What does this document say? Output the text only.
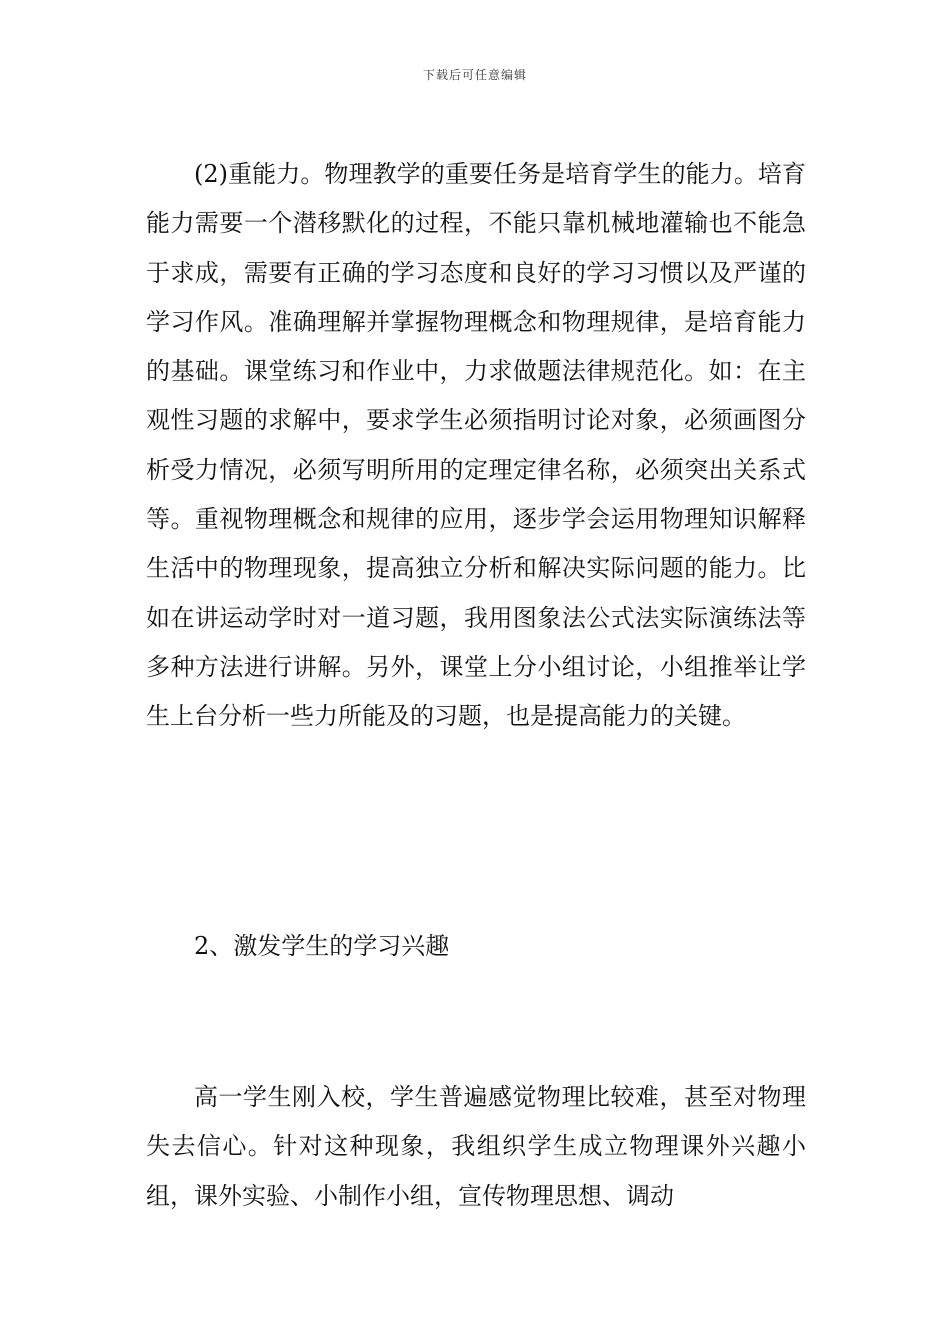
下载后可任意编辑

(2)重能力。物理教学的重要任务是培育学生的能力。培育能力需要一个潜移默化的过程，不能只靠机械地灌输也不能急于求成，需要有正确的学习态度和良好的学习习惯以及严谨的学习作风。准确理解并掌握物理概念和物理规律，是培育能力的基础。课堂练习和作业中，力求做题法律规范化。如：在主观性习题的求解中，要求学生必须指明讨论对象，必须画图分析受力情况，必须写明所用的定理定律名称，必须突出关系式等。重视物理概念和规律的应用，逐步学会运用物理知识解释生活中的物理现象，提高独立分析和解决实际问题的能力。比如在讲运动学时对一道习题，我用图象法公式法实际演练法等多种方法进行讲解。另外，课堂上分小组讨论，小组推举让学生上台分析一些力所能及的习题，也是提高能力的关键。

2、激发学生的学习兴趣

高一学生刚入校，学生普遍感觉物理比较难，甚至对物理失去信心。针对这种现象，我组织学生成立物理课外兴趣小组，课外实验、小制作小组，宣传物理思想、调动
